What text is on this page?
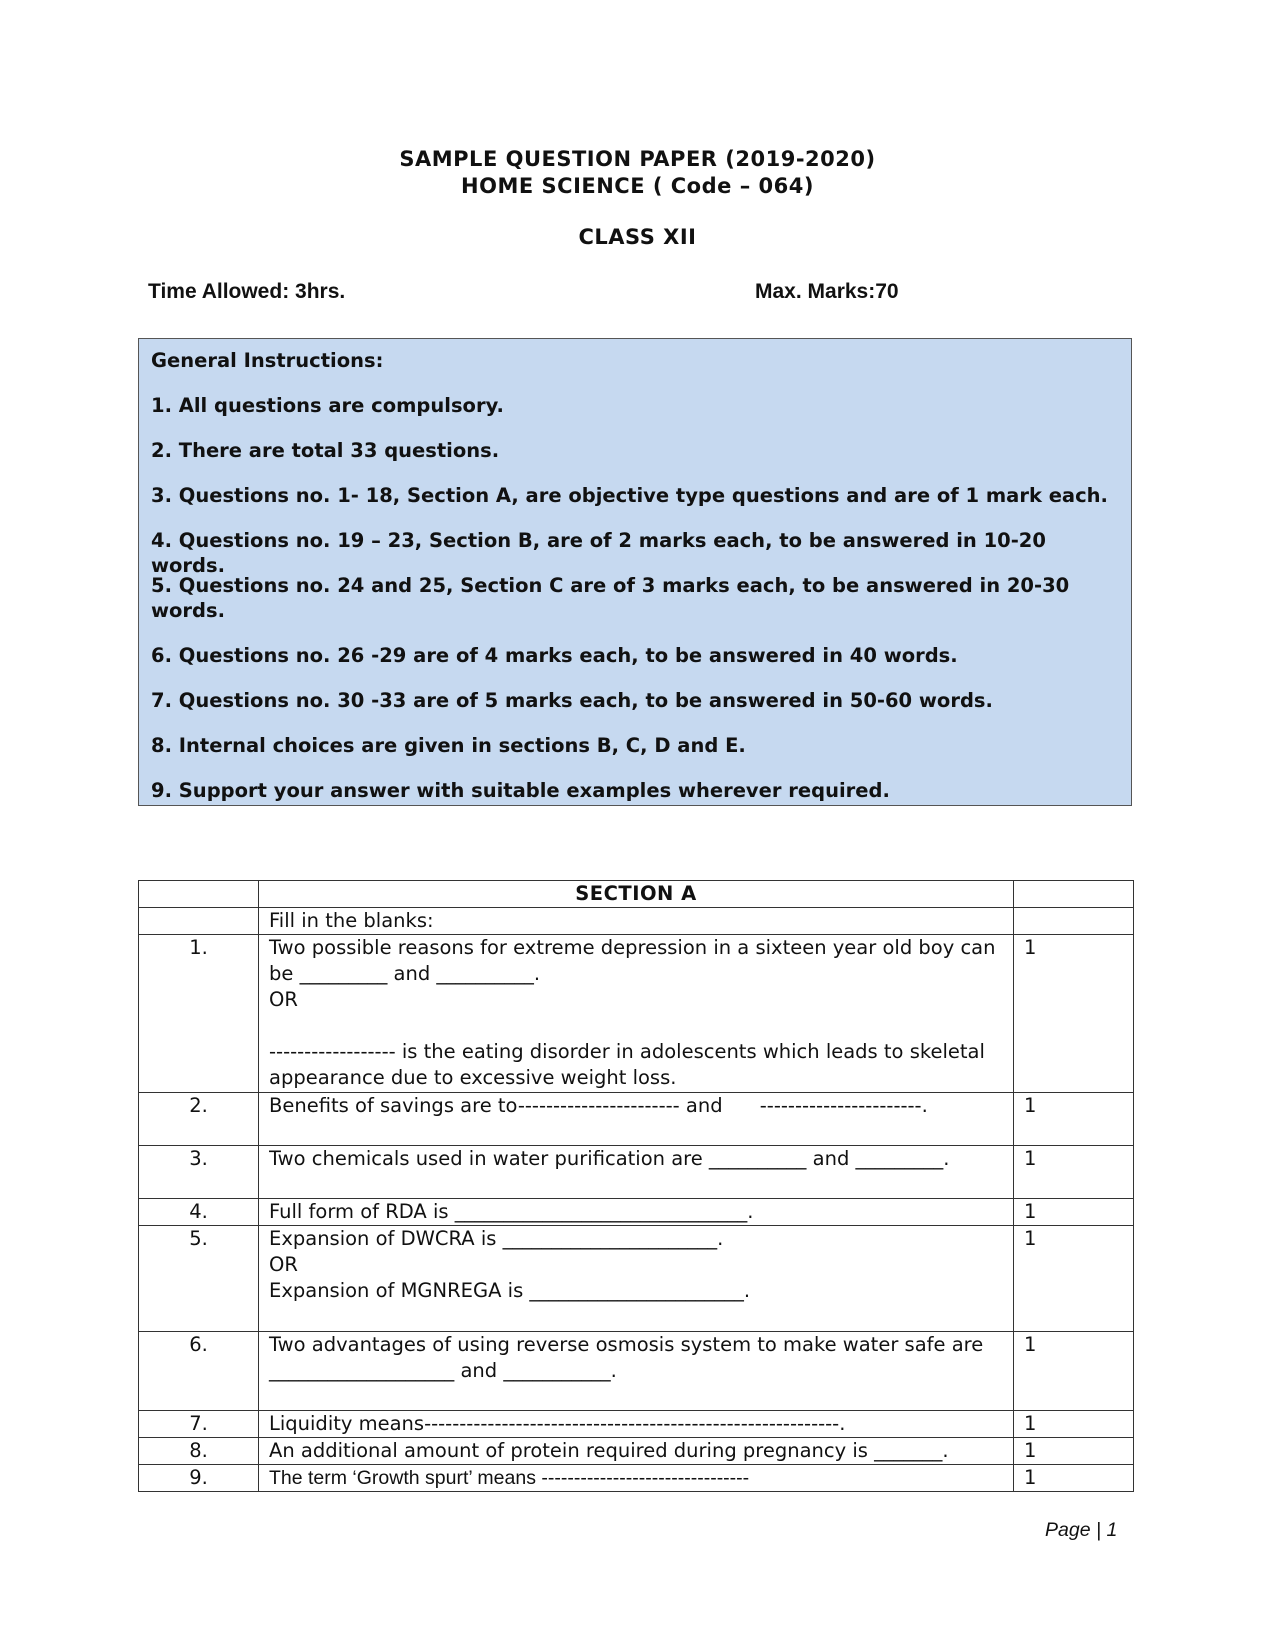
SAMPLE QUESTION PAPER (2019-2020)
HOME SCIENCE ( Code – 064)
CLASS XII
Time Allowed: 3hrs.	Max. Marks:70
General Instructions:
1. All questions are compulsory.
2. There are total 33 questions.
3. Questions no. 1- 18, Section A, are objective type questions and are of 1 mark each.
4. Questions no. 19 – 23, Section B, are of 2 marks each, to be answered in 10-20 words.
5. Questions no. 24 and 25, Section C are of 3 marks each, to be answered in 20-30 words.
6. Questions no. 26 -29 are of 4 marks each, to be answered in 40 words.
7. Questions no. 30 -33 are of 5 marks each, to be answered in 50-60 words.
8. Internal choices are given in sections B, C, D and E.
9. Support your answer with suitable examples wherever required.
	SECTION A	
	Fill in the blanks:	
1.	Two possible reasons for extreme depression in a sixteen year old boy can be _________ and __________.
OR
------------------ is the eating disorder in adolescents which leads to skeletal appearance due to excessive weight loss.	1
2.	Benefits of savings are to----------------------- and      -----------------------.	1
3.	Two chemicals used in water purification are __________ and _________.	1
4.	Full form of RDA is ______________________________.	1
5.	Expansion of DWCRA is ______________________.
OR
Expansion of MGNREGA is ______________________.	1
6.	Two advantages of using reverse osmosis system to make water safe are ___________________ and ___________.	1
7.	Liquidity means-----------------------------------------------------------.	1
8.	An additional amount of protein required during pregnancy is _______.	1
9.	The term ‘Growth spurt’ means --------------------------------	1
Page | 1
